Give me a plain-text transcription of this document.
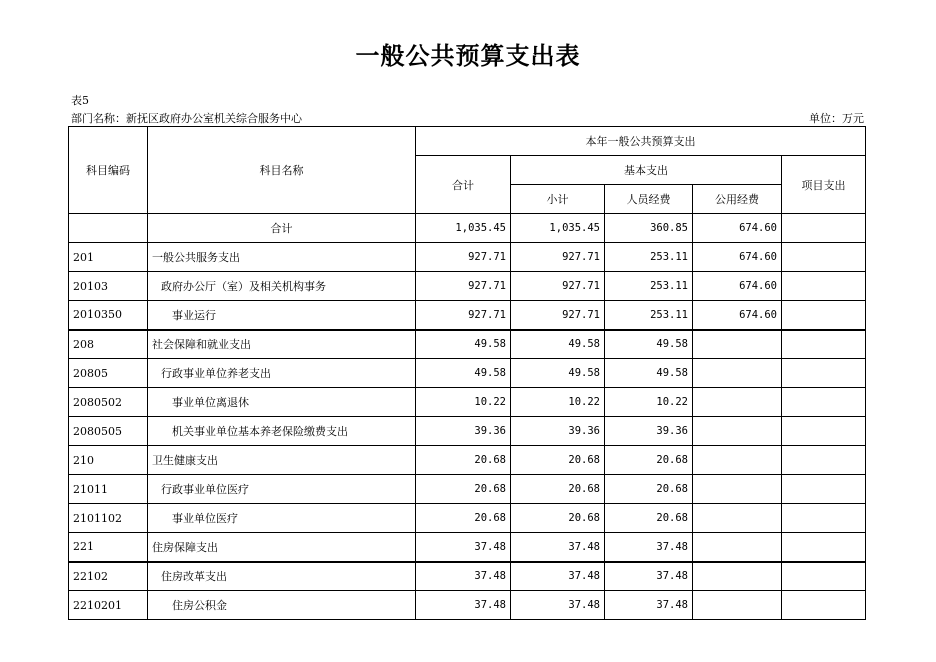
一般公共预算支出表
表5
部门名称：新抚区政府办公室机关综合服务中心	单位：万元
科目编码	科目名称	本年一般公共预算支出				
		合计	基本支出			项目支出
			小计	人员经费	公用经费	
	合计	1,035.45	1,035.45	360.85	674.60	
201	一般公共服务支出	927.71	927.71	253.11	674.60	
20103	政府办公厅（室）及相关机构事务	927.71	927.71	253.11	674.60	
2010350	事业运行	927.71	927.71	253.11	674.60	
208	社会保障和就业支出	49.58	49.58	49.58		
20805	行政事业单位养老支出	49.58	49.58	49.58		
2080502	事业单位离退休	10.22	10.22	10.22		
2080505	机关事业单位基本养老保险缴费支出	39.36	39.36	39.36		
210	卫生健康支出	20.68	20.68	20.68		
21011	行政事业单位医疗	20.68	20.68	20.68		
2101102	事业单位医疗	20.68	20.68	20.68		
221	住房保障支出	37.48	37.48	37.48		
22102	住房改革支出	37.48	37.48	37.48		
2210201	住房公积金	37.48	37.48	37.48		
